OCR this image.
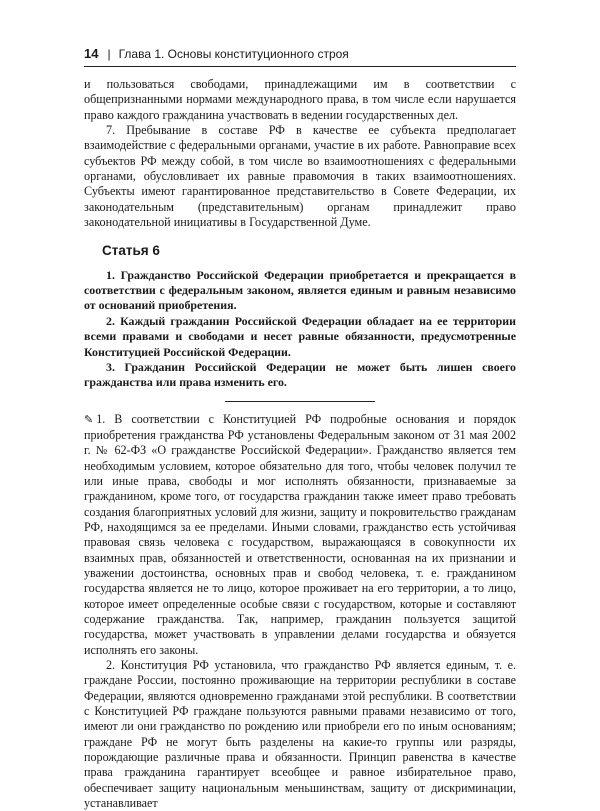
14 | Глава 1. Основы конституционного строя

и пользоваться свободами, принадлежащими им в соответствии с общепризнанными нормами международного права, в том числе если нарушается право каждого гражданина участвовать в ведении государственных дел.

7. Пребывание в составе РФ в качестве ее субъекта предполагает взаимодействие с федеральными органами, участие в их работе. Равноправие всех субъектов РФ между собой, в том числе во взаимоотношениях с федеральными органами, обусловливает их равные правомочия в таких взаимоотношениях. Субъекты имеют гарантированное представительство в Совете Федерации, их законодательным (представительным) органам принадлежит право законодательной инициативы в Государственной Думе.

Статья 6

1. Гражданство Российской Федерации приобретается и прекращается в соответствии с федеральным законом, является единым и равным независимо от оснований приобретения.

2. Каждый гражданин Российской Федерации обладает на ее территории всеми правами и свободами и несет равные обязанности, предусмотренные Конституцией Российской Федерации.

3. Гражданин Российской Федерации не может быть лишен своего гражданства или права изменить его.

✎ 1. В соответствии с Конституцией РФ подробные основания и порядок приобретения гражданства РФ установлены Федеральным законом от 31 мая 2002 г. № 62-ФЗ «О гражданстве Российской Федерации». Гражданство является тем необходимым условием, которое обязательно для того, чтобы человек получил те или иные права, свободы и мог исполнять обязанности, признаваемые за гражданином, кроме того, от государства гражданин также имеет право требовать создания благоприятных условий для жизни, защиту и покровительство гражданам РФ, находящимся за ее пределами. Иными словами, гражданство есть устойчивая правовая связь человека с государством, выражающаяся в совокупности их взаимных прав, обязанностей и ответственности, основанная на их признании и уважении достоинства, основных прав и свобод человека, т. е. гражданином государства является не то лицо, которое проживает на его территории, а то лицо, которое имеет определенные особые связи с государством, которые и составляют содержание гражданства. Так, например, гражданин пользуется защитой государства, может участвовать в управлении делами государства и обязуется исполнять его законы.

2. Конституция РФ установила, что гражданство РФ является единым, т. е. граждане России, постоянно проживающие на территории республики в составе Федерации, являются одновременно гражданами этой республики. В соответствии с Конституцией РФ граждане пользуются равными правами независимо от того, имеют ли они гражданство по рождению или приобрели его по иным основаниям; граждане РФ не могут быть разделены на какие-то группы или разряды, порождающие различные права и обязанности. Принцип равенства в качестве права гражданина гарантирует всеобщее и равное избирательное право, обеспечивает защиту национальным меньшинствам, защиту от дискриминации, устанавливает
